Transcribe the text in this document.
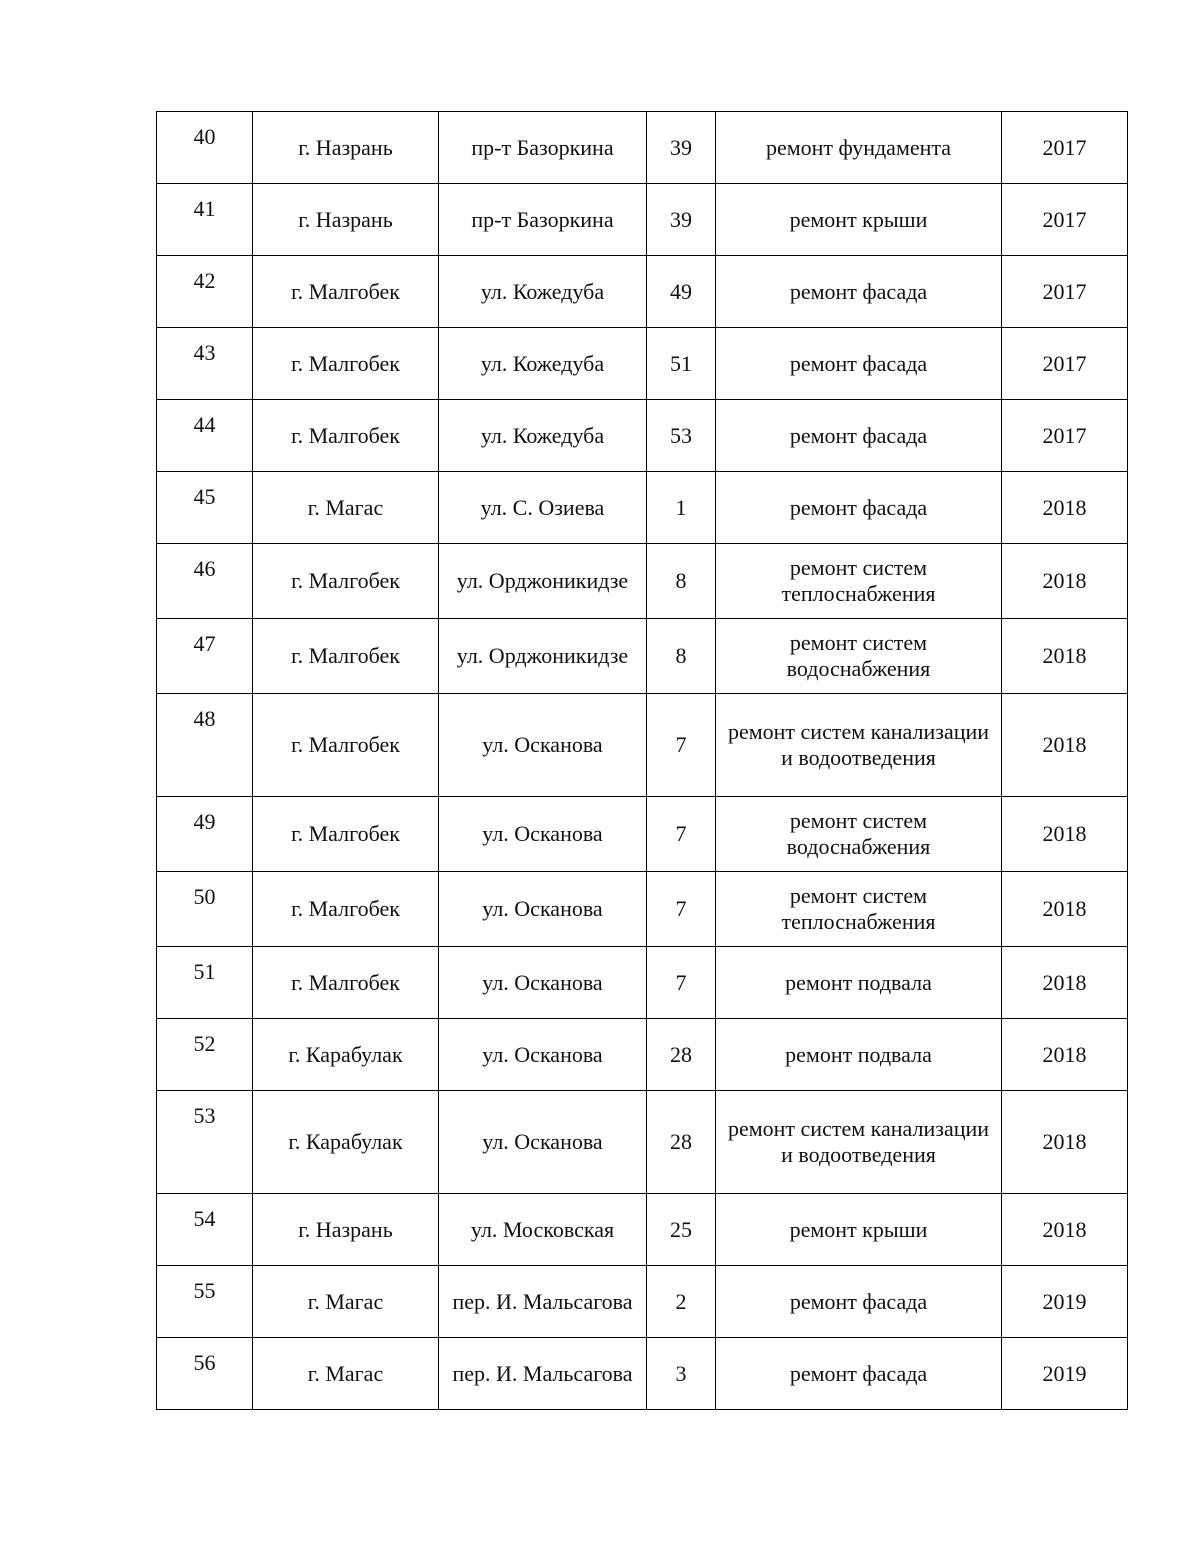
40	г. Назрань	пр-т Базоркина	39	ремонт фундамента	2017
41	г. Назрань	пр-т Базоркина	39	ремонт крыши	2017
42	г. Малгобек	ул. Кожедуба	49	ремонт фасада	2017
43	г. Малгобек	ул. Кожедуба	51	ремонт фасада	2017
44	г. Малгобек	ул. Кожедуба	53	ремонт фасада	2017
45	г. Магас	ул. С. Озиева	1	ремонт фасада	2018
46	г. Малгобек	ул. Орджоникидзе	8	ремонт систем теплоснабжения	2018
47	г. Малгобек	ул. Орджоникидзе	8	ремонт систем водоснабжения	2018
48	г. Малгобек	ул. Осканова	7	ремонт систем канализации и водоотведения	2018
49	г. Малгобек	ул. Осканова	7	ремонт систем водоснабжения	2018
50	г. Малгобек	ул. Осканова	7	ремонт систем теплоснабжения	2018
51	г. Малгобек	ул. Осканова	7	ремонт подвала	2018
52	г. Карабулак	ул. Осканова	28	ремонт подвала	2018
53	г. Карабулак	ул. Осканова	28	ремонт систем канализации и водоотведения	2018
54	г. Назрань	ул. Московская	25	ремонт крыши	2018
55	г. Магас	пер. И. Мальсагова	2	ремонт фасада	2019
56	г. Магас	пер. И. Мальсагова	3	ремонт фасада	2019
